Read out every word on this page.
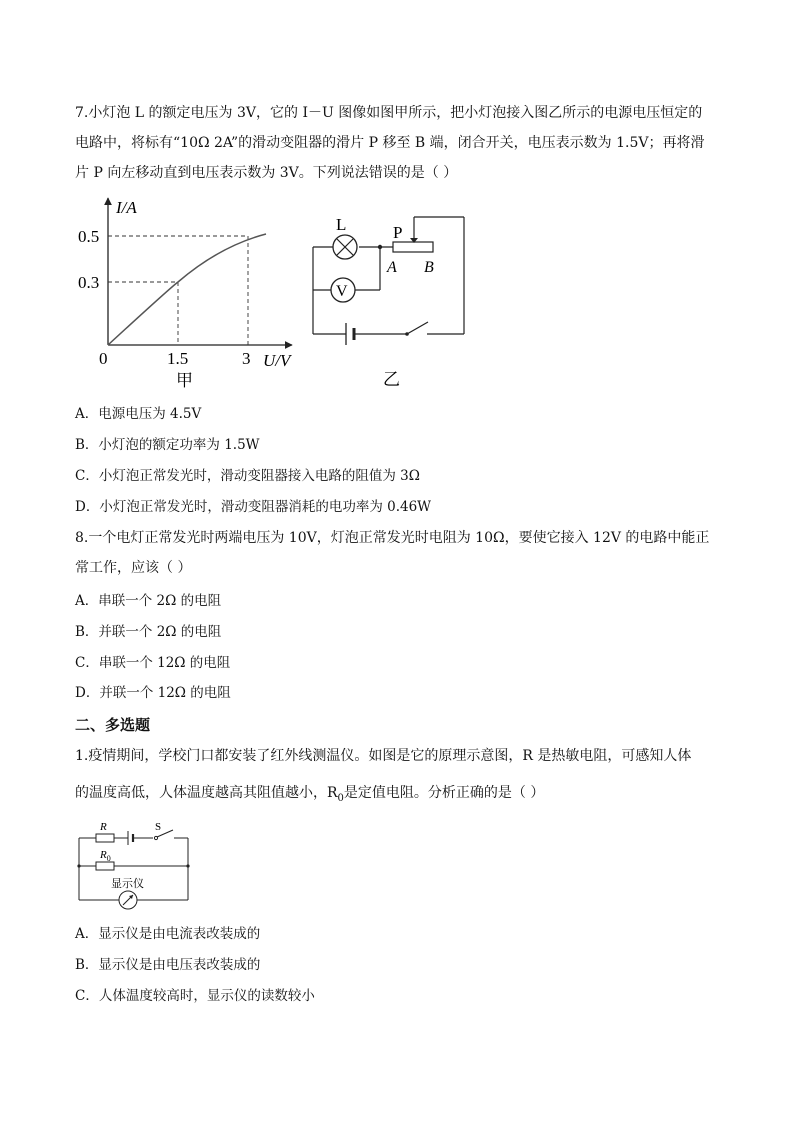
7.小灯泡 L 的额定电压为 3V，它的 I－U 图像如图甲所示，把小灯泡接入图乙所示的电源电压恒定的
电路中，将标有“10Ω 2A”的滑动变阻器的滑片 P 移至 B 端，闭合开关，电压表示数为 1.5V；再将滑
片 P 向左移动直到电压表示数为 3V。下列说法错误的是（ ）
I/A
0.5
0.3
0	1.5	3 U/V
甲
L	P
A B
V
乙
A．电源电压为 4.5V
B．小灯泡的额定功率为 1.5W
C．小灯泡正常发光时，滑动变阻器接入电路的阻值为 3Ω
D．小灯泡正常发光时，滑动变阻器消耗的电功率为 0.46W
8.一个电灯正常发光时两端电压为 10V，灯泡正常发光时电阻为 10Ω，要使它接入 12V 的电路中能正
常工作，应该（ ）
A．串联一个 2Ω 的电阻
B．并联一个 2Ω 的电阻
C．串联一个 12Ω 的电阻
D．并联一个 12Ω 的电阻
二、多选题
1.疫情期间，学校门口都安装了红外线测温仪。如图是它的原理示意图，R 是热敏电阻，可感知人体
的温度高低，人体温度越高其阻值越小，$R_0$是定值电阻。分析正确的是（ ）
R	S
$R_0$
显示仪
A．显示仪是由电流表改装成的
B．显示仪是由电压表改装成的
C．人体温度较高时，显示仪的读数较小
